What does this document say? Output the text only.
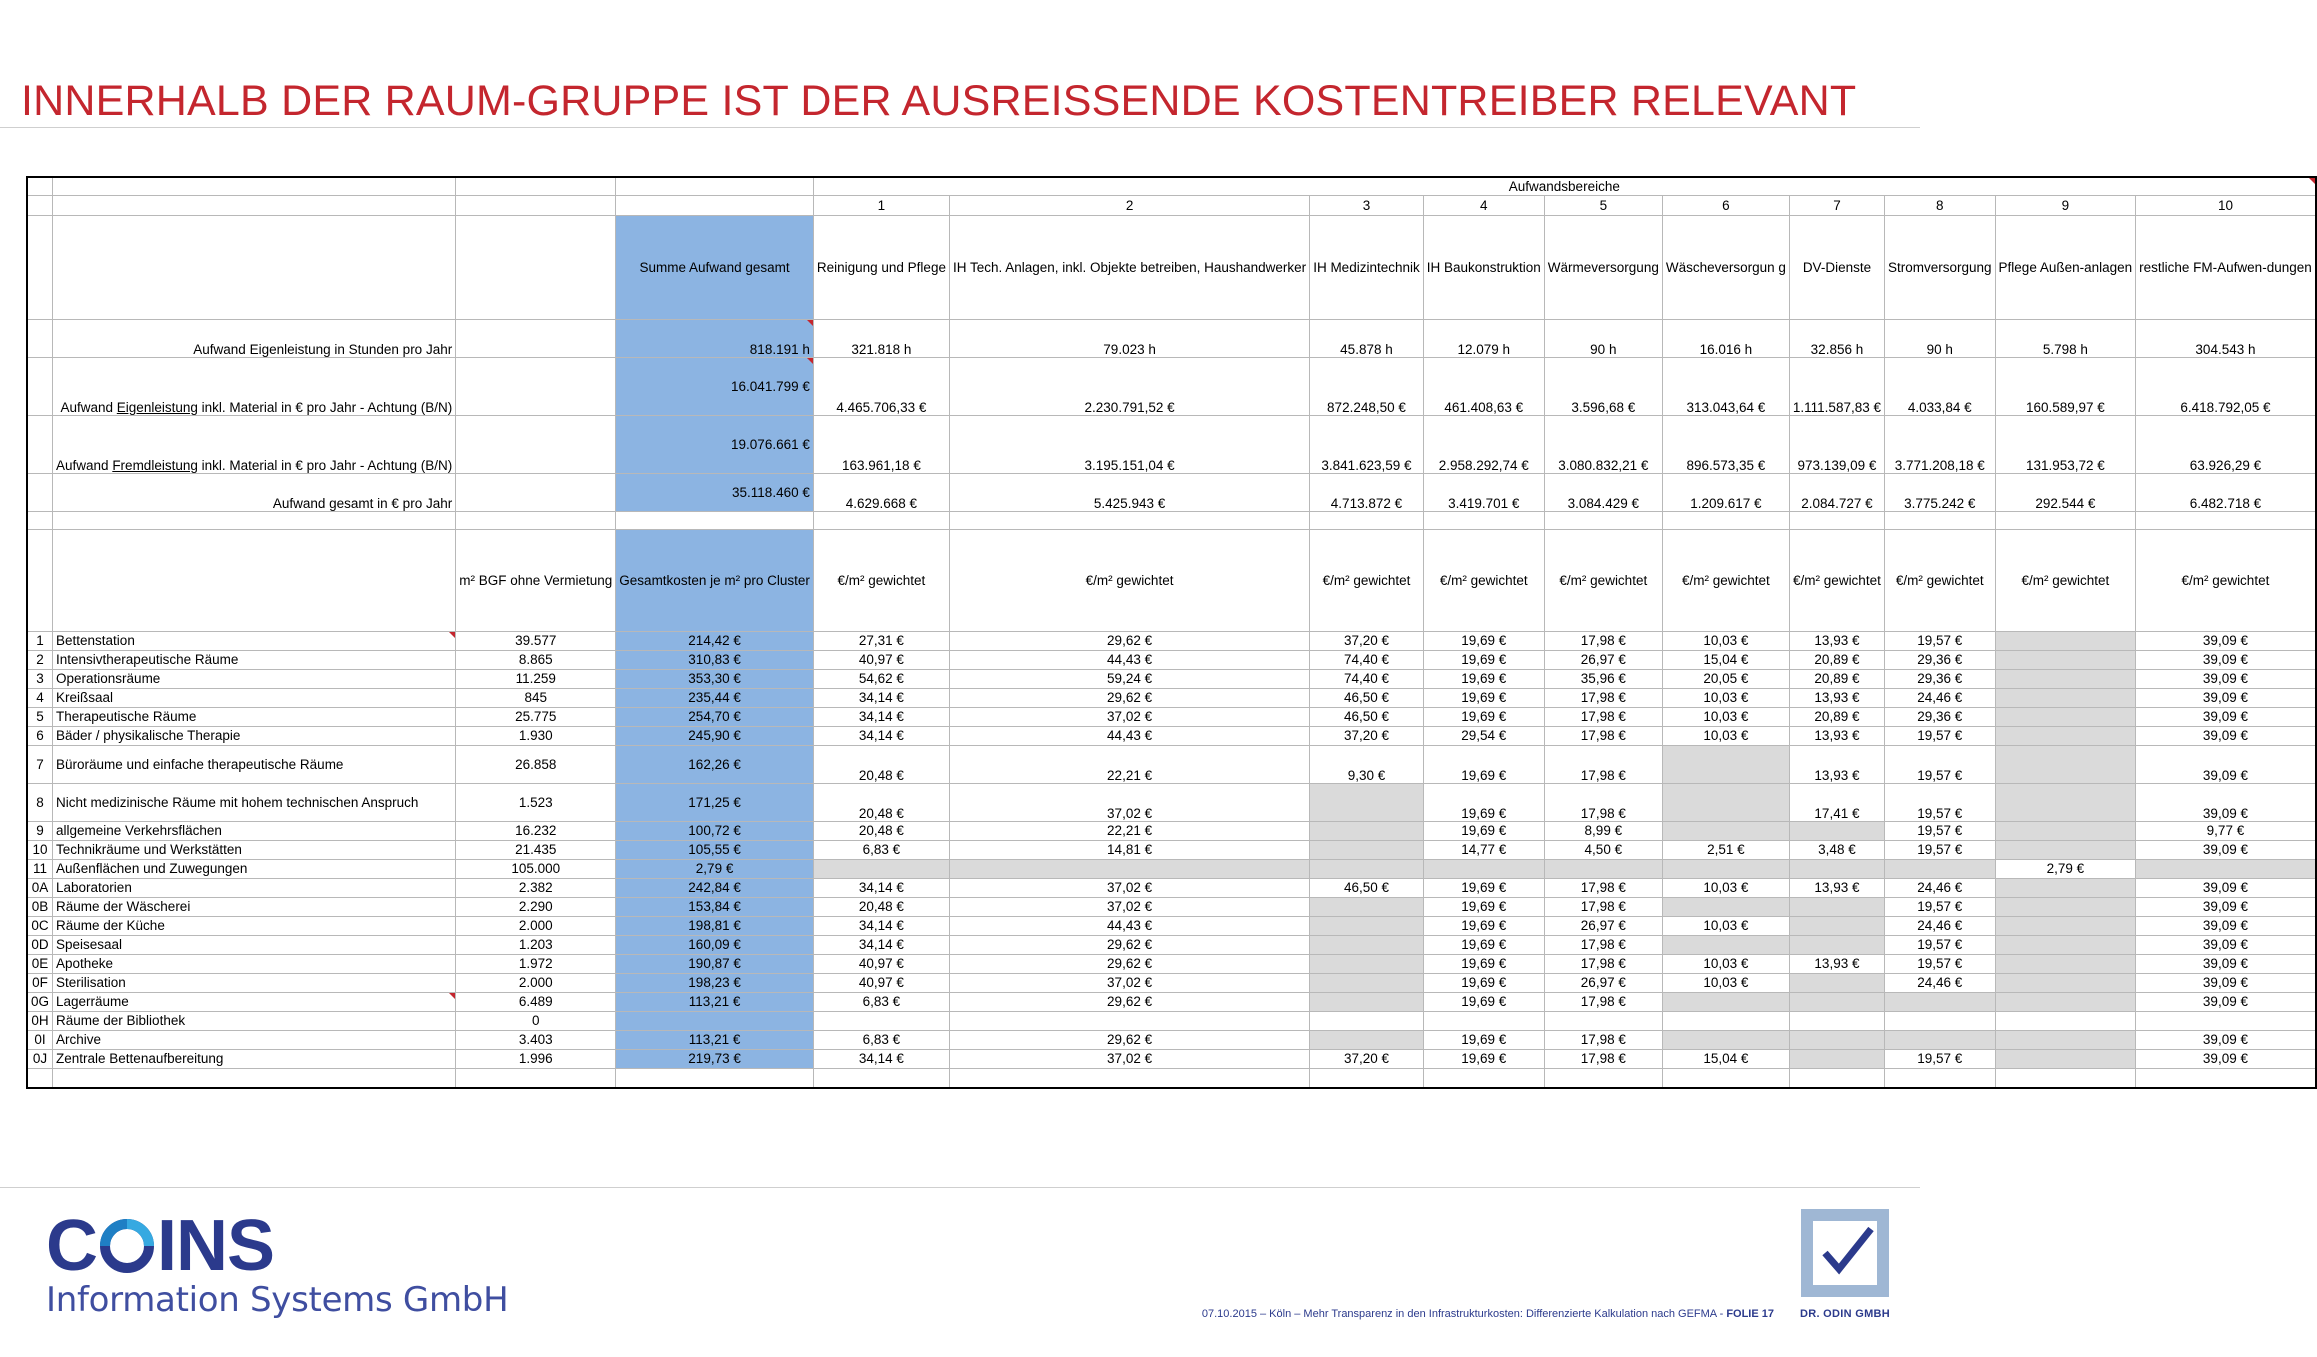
INNERHALB DER RAUM-GRUPPE IST DER AUSREISSENDE KOSTENTREIBER RELEVANT
				Aufwandsbereiche									
				1	2	3	4	5	6	7	8	9	10
			Summe Aufwand gesamt	Reinigung und Pflege	IH Tech. Anlagen, inkl. Objekte betreiben, Haushandwerker	IH Medizintechnik	IH Baukonstruktion	Wärmeversorgung	Wäscheversorgun g	DV-Dienste	Stromversorgung	Pflege Außen-anlagen	restliche FM-Aufwen-dungen
	Aufwand Eigenleistung in Stunden pro Jahr		818.191 h	321.818 h	79.023 h	45.878 h	12.079 h	90 h	16.016 h	32.856 h	90 h	5.798 h	304.543 h
	Aufwand Eigenleistung inkl. Material in € pro Jahr - Achtung (B/N)		16.041.799 €	4.465.706,33 €	2.230.791,52 €	872.248,50 €	461.408,63 €	3.596,68 €	313.043,64 €	1.111.587,83 €	4.033,84 €	160.589,97 €	6.418.792,05 €
	Aufwand Fremdleistung inkl. Material in € pro Jahr - Achtung (B/N)		19.076.661 €	163.961,18 €	3.195.151,04 €	3.841.623,59 €	2.958.292,74 €	3.080.832,21 €	896.573,35 €	973.139,09 €	3.771.208,18 €	131.953,72 €	63.926,29 €
	Aufwand gesamt in € pro Jahr		35.118.460 €	4.629.668 €	5.425.943 €	4.713.872 €	3.419.701 €	3.084.429 €	1.209.617 €	2.084.727 €	3.775.242 €	292.544 €	6.482.718 €

		m² BGF ohne Vermietung	Gesamtkosten je m² pro Cluster	€/m² gewichtet	€/m² gewichtet	€/m² gewichtet	€/m² gewichtet	€/m² gewichtet	€/m² gewichtet	€/m² gewichtet	€/m² gewichtet	€/m² gewichtet	€/m² gewichtet
1	Bettenstation	39.577	214,42 €	27,31 €	29,62 €	37,20 €	19,69 €	17,98 €	10,03 €	13,93 €	19,57 €		39,09 €
2	Intensivtherapeutische Räume	8.865	310,83 €	40,97 €	44,43 €	74,40 €	19,69 €	26,97 €	15,04 €	20,89 €	29,36 €		39,09 €
3	Operationsräume	11.259	353,30 €	54,62 €	59,24 €	74,40 €	19,69 €	35,96 €	20,05 €	20,89 €	29,36 €		39,09 €
4	Kreißsaal	845	235,44 €	34,14 €	29,62 €	46,50 €	19,69 €	17,98 €	10,03 €	13,93 €	24,46 €		39,09 €
5	Therapeutische Räume	25.775	254,70 €	34,14 €	37,02 €	46,50 €	19,69 €	17,98 €	10,03 €	20,89 €	29,36 €		39,09 €
6	Bäder / physikalische Therapie	1.930	245,90 €	34,14 €	44,43 €	37,20 €	29,54 €	17,98 €	10,03 €	13,93 €	19,57 €		39,09 €
7	Büroräume und einfache therapeutische Räume	26.858	162,26 €	20,48 €	22,21 €	9,30 €	19,69 €	17,98 €		13,93 €	19,57 €		39,09 €
8	Nicht medizinische Räume mit hohem technischen Anspruch	1.523	171,25 €	20,48 €	37,02 €		19,69 €	17,98 €		17,41 €	19,57 €		39,09 €
9	allgemeine Verkehrsflächen	16.232	100,72 €	20,48 €	22,21 €		19,69 €	8,99 €			19,57 €		9,77 €
10	Technikräume und Werkstätten	21.435	105,55 €	6,83 €	14,81 €		14,77 €	4,50 €	2,51 €	3,48 €	19,57 €		39,09 €
11	Außenflächen und Zuwegungen	105.000	2,79 €									2,79 €	
0A	Laboratorien	2.382	242,84 €	34,14 €	37,02 €	46,50 €	19,69 €	17,98 €	10,03 €	13,93 €	24,46 €		39,09 €
0B	Räume der Wäscherei	2.290	153,84 €	20,48 €	37,02 €		19,69 €	17,98 €			19,57 €		39,09 €
0C	Räume der Küche	2.000	198,81 €	34,14 €	44,43 €		19,69 €	26,97 €	10,03 €		24,46 €		39,09 €
0D	Speisesaal	1.203	160,09 €	34,14 €	29,62 €		19,69 €	17,98 €			19,57 €		39,09 €
0E	Apotheke	1.972	190,87 €	40,97 €	29,62 €		19,69 €	17,98 €	10,03 €	13,93 €	19,57 €		39,09 €
0F	Sterilisation	2.000	198,23 €	40,97 €	37,02 €		19,69 €	26,97 €	10,03 €		24,46 €		39,09 €
0G	Lagerräume	6.489	113,21 €	6,83 €	29,62 €		19,69 €	17,98 €					39,09 €
0H	Räume der Bibliothek	0											
0I	Archive	3.403	113,21 €	6,83 €	29,62 €		19,69 €	17,98 €					39,09 €
0J	Zentrale Bettenaufbereitung	1.996	219,73 €	34,14 €	37,02 €	37,20 €	19,69 €	17,98 €	15,04 €		19,57 €		39,09 €

C INS
Information Systems GmbH	07.10.2015 – Köln – Mehr Transparenz in den Infrastrukturkosten: Differenzierte Kalkulation nach GEFMA - FOLIE 17	DR. ODIN GMBH
